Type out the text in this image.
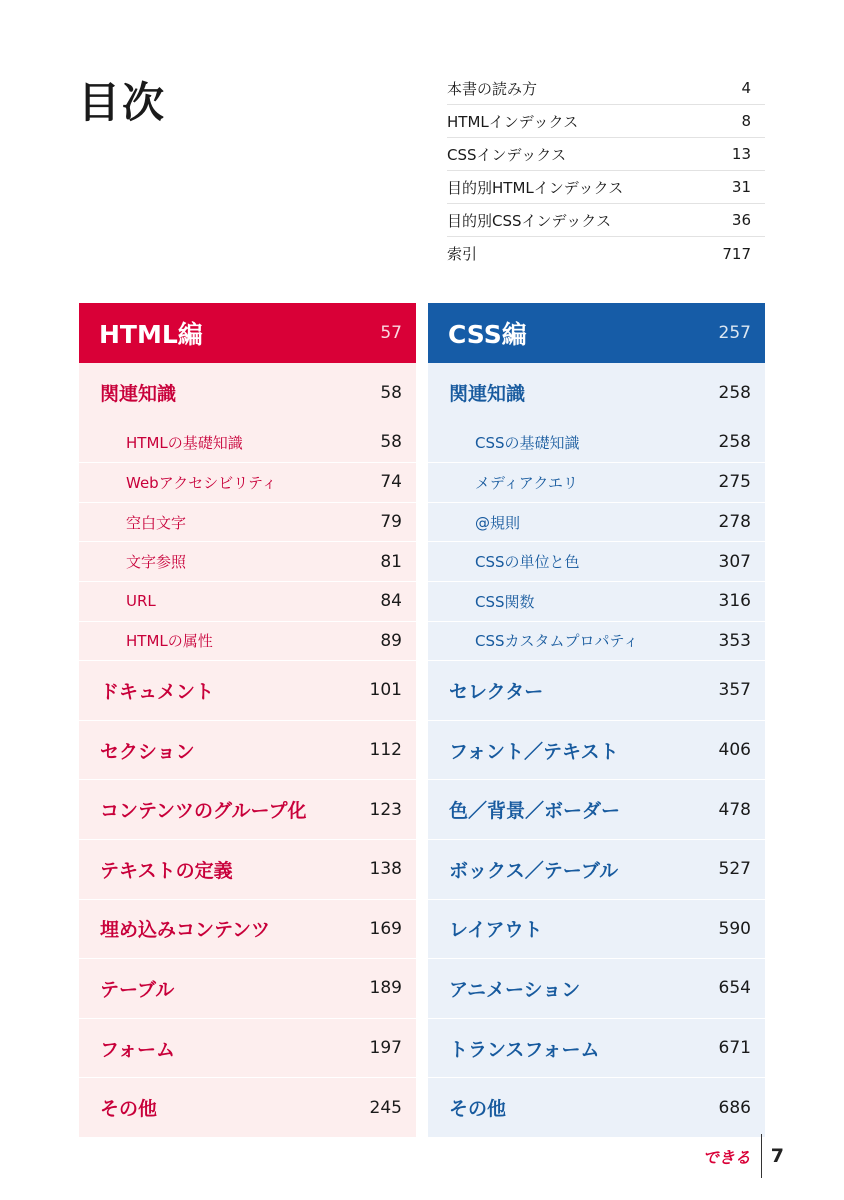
目次	本書の読み方	4
HTMLインデックス	8
CSSインデックス	13
目的別HTMLインデックス	31
目的別CSSインデックス	36
索引	717
HTML編	57
関連知識	58
HTMLの基礎知識	58
Webアクセシビリティ	74
空白文字	79
文字参照	81
URL	84
HTMLの属性	89
ドキュメント	101
セクション	112
コンテンツのグループ化	123
テキストの定義	138
埋め込みコンテンツ	169
テーブル	189
フォーム	197
その他	245
CSS編	257
関連知識	258
CSSの基礎知識	258
メディアクエリ	275
@規則	278
CSSの単位と色	307
CSS関数	316
CSSカスタムプロパティ	353
セレクター	357
フォント／テキスト	406
色／背景／ボーダー	478
ボックス／テーブル	527
レイアウト	590
アニメーション	654
トランスフォーム	671
その他	686
できる 7
